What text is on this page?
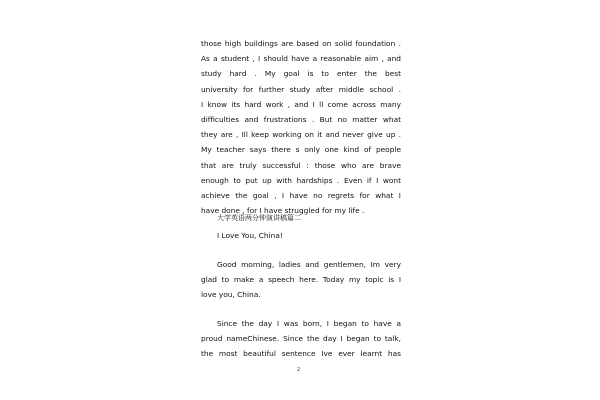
those high buildings are based on solid foundation .
As a student , I should have a reasonable aim , and
study hard . My goal is to enter the best
university for further study after middle school .
I know its hard work , and I ll come across many
difficulties and frustrations . But no matter what
they are , Ill keep working on it and never give up .
My teacher says there s only one kind of people
that are truly successful : those who are brave
enough to put up with hardships . Even if I wont
achieve the goal , I have no regrets for what I
have done , for I have struggled for my life .
大学英语两分钟演讲稿篇二
I Love You, China!
Good morning, ladies and gentlemen, Im very
glad to make a speech here. Today my topic is I
love you, China.
Since the day I was born, I began to have a
proud nameChinese. Since the day I began to talk,
the most beautiful sentence Ive ever learnt has
2
